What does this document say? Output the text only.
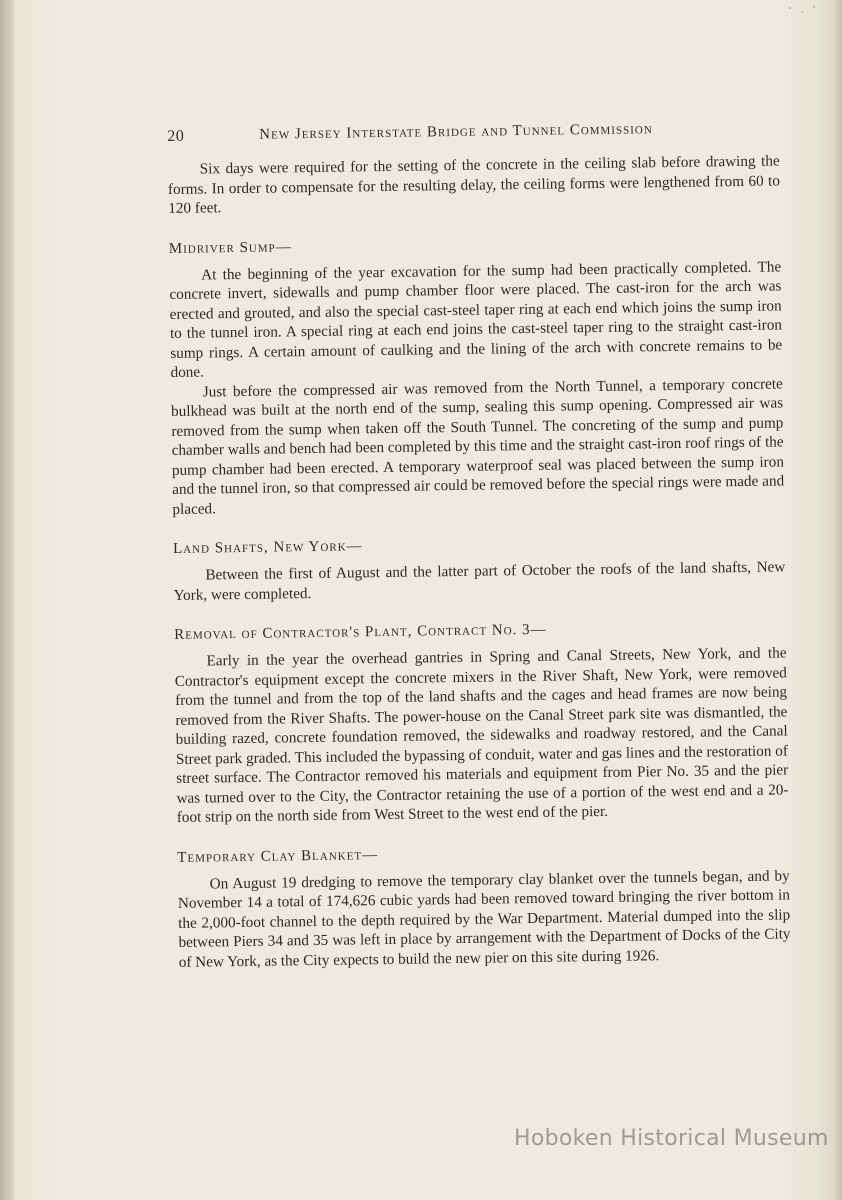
20	New Jersey Interstate Bridge and Tunnel Commission

Six days were required for the setting of the concrete in the ceiling slab before drawing the forms. In order to compensate for the resulting delay, the ceiling forms were lengthened from 60 to 120 feet.

Midriver Sump—

At the beginning of the year excavation for the sump had been practically completed. The concrete invert, sidewalls and pump chamber floor were placed. The cast-iron for the arch was erected and grouted, and also the special cast-steel taper ring at each end which joins the sump iron to the tunnel iron. A special ring at each end joins the cast-steel taper ring to the straight cast-iron sump rings. A certain amount of caulking and the lining of the arch with concrete remains to be done.

Just before the compressed air was removed from the North Tunnel, a temporary concrete bulkhead was built at the north end of the sump, sealing this sump opening. Compressed air was removed from the sump when taken off the South Tunnel. The concreting of the sump and pump chamber walls and bench had been completed by this time and the straight cast-iron roof rings of the pump chamber had been erected. A temporary waterproof seal was placed between the sump iron and the tunnel iron, so that compressed air could be removed before the special rings were made and placed.

Land Shafts, New York—

Between the first of August and the latter part of October the roofs of the land shafts, New York, were completed.

Removal of Contractor's Plant, Contract No. 3—

Early in the year the overhead gantries in Spring and Canal Streets, New York, and the Contractor's equipment except the concrete mixers in the River Shaft, New York, were removed from the tunnel and from the top of the land shafts and the cages and head frames are now being removed from the River Shafts. The power-house on the Canal Street park site was dismantled, the building razed, concrete foundation removed, the sidewalks and roadway restored, and the Canal Street park graded. This included the bypassing of conduit, water and gas lines and the restoration of street surface. The Contractor removed his materials and equipment from Pier No. 35 and the pier was turned over to the City, the Contractor retaining the use of a portion of the west end and a 20-foot strip on the north side from West Street to the west end of the pier.

Temporary Clay Blanket—

On August 19 dredging to remove the temporary clay blanket over the tunnels began, and by November 14 a total of 174,626 cubic yards had been removed toward bringing the river bottom in the 2,000-foot channel to the depth required by the War Department. Material dumped into the slip between Piers 34 and 35 was left in place by arrangement with the Department of Docks of the City of New York, as the City expects to build the new pier on this site during 1926.

Hoboken Historical Museum
